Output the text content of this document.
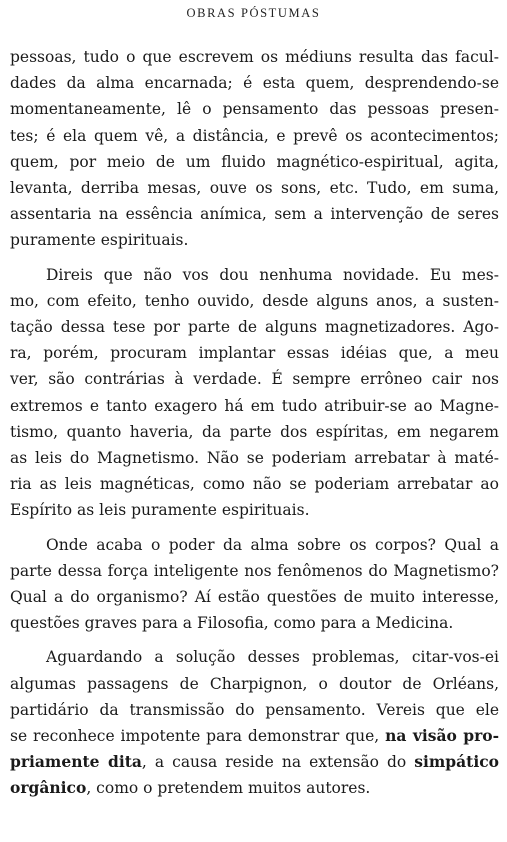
OBRAS PÓSTUMAS

pessoas, tudo o que escrevem os médiuns resulta das facul-
dades da alma encarnada; é esta quem, desprendendo-se
momentaneamente, lê o pensamento das pessoas presen-
tes; é ela quem vê, a distância, e prevê os acontecimentos;
quem, por meio de um fluido magnético-espiritual, agita,
levanta, derriba mesas, ouve os sons, etc. Tudo, em suma,
assentaria na essência anímica, sem a intervenção de seres
puramente espirituais.

Direis que não vos dou nenhuma novidade. Eu mes-
mo, com efeito, tenho ouvido, desde alguns anos, a susten-
tação dessa tese por parte de alguns magnetizadores. Ago-
ra, porém, procuram implantar essas idéias que, a meu
ver, são contrárias à verdade. É sempre errôneo cair nos
extremos e tanto exagero há em tudo atribuir-se ao Magne-
tismo, quanto haveria, da parte dos espíritas, em negarem
as leis do Magnetismo. Não se poderiam arrebatar à maté-
ria as leis magnéticas, como não se poderiam arrebatar ao
Espírito as leis puramente espirituais.

Onde acaba o poder da alma sobre os corpos? Qual a
parte dessa força inteligente nos fenômenos do Magnetismo?
Qual a do organismo? Aí estão questões de muito interesse,
questões graves para a Filosofia, como para a Medicina.

Aguardando a solução desses problemas, citar-vos-ei
algumas passagens de Charpignon, o doutor de Orléans,
partidário da transmissão do pensamento. Vereis que ele
se reconhece impotente para demonstrar que, na visão pro-
priamente dita, a causa reside na extensão do simpático
orgânico, como o pretendem muitos autores.
